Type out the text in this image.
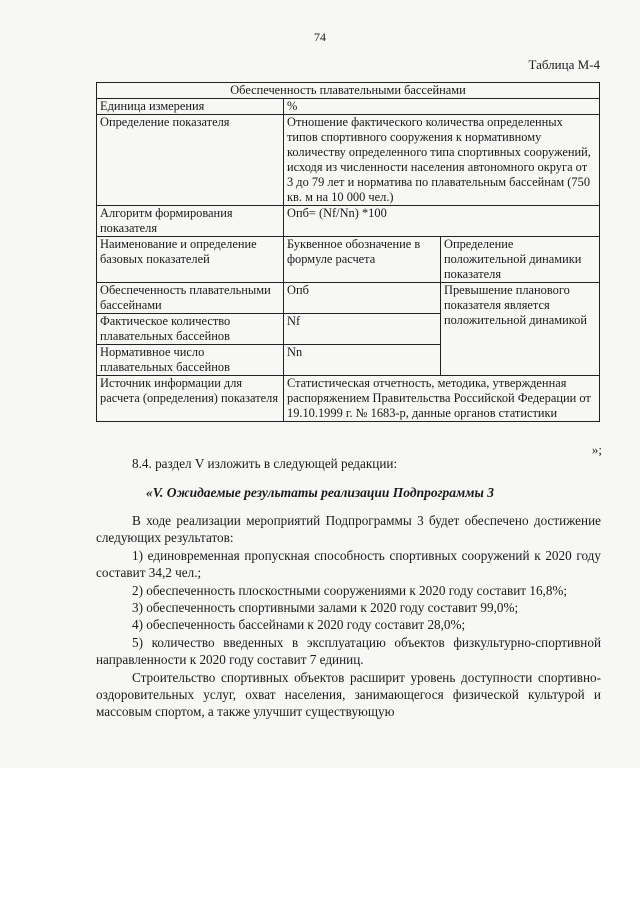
74
Таблица М-4
Обеспеченность плавательными бассейнами		
Единица измерения	%	
Определение показателя	Отношение фактического количества определенных типов спортивного сооружения к нормативному количеству определенного типа спортивных сооружений, исходя из численности населения автономного округа от 3 до 79 лет и норматива по плавательным бассейнам (750 кв. м на 10 000 чел.)	
Алгоритм формирования показателя	Опб= (Nf/Nn) *100	
Наименование и определение базовых показателей	Буквенное обозначение в формуле расчета	Определение положительной динамики показателя
Обеспеченность плавательными бассейнами	Опб	Превышение планового показателя является положительной динамикой
Фактическое количество плавательных бассейнов	Nf	
Нормативное число плавательных бассейнов	Nn	
Источник информации для расчета (определения) показателя	Статистическая отчетность, методика, утвержденная распоряжением Правительства Российской Федерации от 19.10.1999 г. № 1683-р, данные органов статистики	
»;
8.4. раздел V изложить в следующей редакции:
«V. Ожидаемые результаты реализации Подпрограммы 3

В ходе реализации мероприятий Подпрограммы 3 будет обеспечено достижение следующих результатов:

1) единовременная пропускная способность спортивных сооружений к 2020 году составит 34,2 чел.;

2) обеспеченность плоскостными сооружениями к 2020 году составит 16,8%;

3) обеспеченность спортивными залами к 2020 году составит 99,0%;

4) обеспеченность бассейнами к 2020 году составит 28,0%;

5) количество введенных в эксплуатацию объектов физкультурно-спортивной направленности к 2020 году составит 7 единиц.

Строительство спортивных объектов расширит уровень доступности спортивно-оздоровительных услуг, охват населения, занимающегося физической культурой и массовым спортом, а также улучшит существующую
